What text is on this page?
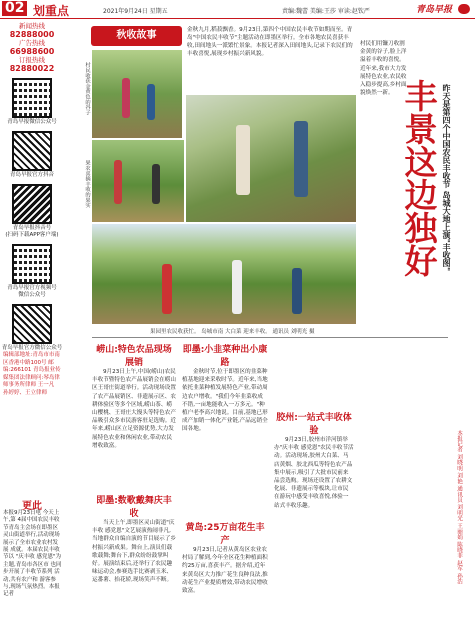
02 划重点	2021年9月24日 星期五	责编:魏蕾 美编:王莎 审读:赵钦严	青岛早报
新闻热线
82888000
广告热线
66988600
订报热线
82880022
青岛早报微信公众号
青岛早报官方抖音
青岛早报抖音号
(扫码下载APP客户端)
青岛早报官方视频号
微信公众号
青岛早报官方微信公众号
编辑部地址:青岛市市南区香港中路100号 邮编:266101 青岛报业传媒集团法律顾问:琴岛律师事务所律师 王一凡 孙婷婷、王立律师
更此
本报9月23日电 今天上午,第 4届中国农民丰收节青岛主会场在即墨区 灵山街道举行,活动现场 展示了全市农业农村发展 成就。本届农民丰收节以 "庆丰收 感党恩"为主题,青岛市各区市 也同步开展了丰收节系列 活动,共有农户和 游客参与,现场气氛热烈。本报记者
秋收故事	金秋九月,稻菽飘香。9月23日,第四个中国农民丰收节如期而至。青岛"中国农民丰收节"主题活动在即墨区举行。全市各地农民喜获丰收,田间地头一派繁忙景象。本报记者深入田间地头,记录下农民们的丰收喜悦,展现乡村振兴新风貌。
村民收获金黄色的谷子
果农喜摘丰收的果实
果园里农民收获忙。 岛城市南 大白菜 迎来丰收。 通讯员 刘明光 摄
村民们用镰刀收割金黄的谷子,脸上洋溢着丰收的喜悦。近年来,我市大力发展特色农业,农民收入稳步提高,乡村面貌焕然一新。 丰景这边独好 昨天是第四个中国农民丰收节 岛城大地上演"丰收图"
本报记者 刘晓明 刘艳 通讯员 刘明光 王丽娟 陈晓菲 赵军 孙浩
崂山:特色农品现场展销
9月23日上午,中国(崂山)农民丰收节暨特色农产品展销会在崂山区王哥庄街道举行。活动现场设置了农产品展销区、非遗展示区、农耕体验区等多个区域,崂山茶、崂山樱桃、王哥庄大馒头等特色农产品吸引众多市民游客驻足选购。近年来,崂山区立足资源优势,大力发展特色农业和休闲农业,带动农民增收致富。
即墨:数歌戴舞庆丰收
当天上午,即墨区灵山街道"庆丰收 感党恩"文艺展演热闹非凡,当地群众自编自演的节目展示了乡村振兴新成果。舞台上,演员们载歌载舞;舞台下,群众纷纷鼓掌叫好。展演结束后,还举行了农民趣味运动会,参赛选手比赛剥玉米、运番薯、抬花轿,现场笑声不断。
即墨:小韭菜种出小康路
金秋时节,位于即墨区的韭菜种植基地迎来采收时节。近年来,当地依托韭菜种植发展特色产业,带动周边农户增收。"我们今年韭菜收成不错,一亩地能收入一万多元。"种植户老李高兴地说。目前,基地已形成产加销一体化产业链,产品远销全国各地。
黄岛:25万亩花生丰产
9月23日,记者从黄岛区农业农村局了解到,今年全区花生种植面积约25万亩,喜获丰产。据介绍,近年来黄岛区大力推广花生良种良法,推动花生产业提质增效,带动农民增收致富。
胶州:一站式丰收体验
9月23日,胶州市洋河镇举办"庆丰收 感党恩"农民丰收节活动。活动现场,胶州大白菜、马店黄烟、胶北西瓜等特色农产品集中展示,吸引了大批市民前来品尝选购。现场还设置了农耕文化展、非遗展示等板块,让市民在游玩中感受丰收喜悦,体验一站式丰收乐趣。
